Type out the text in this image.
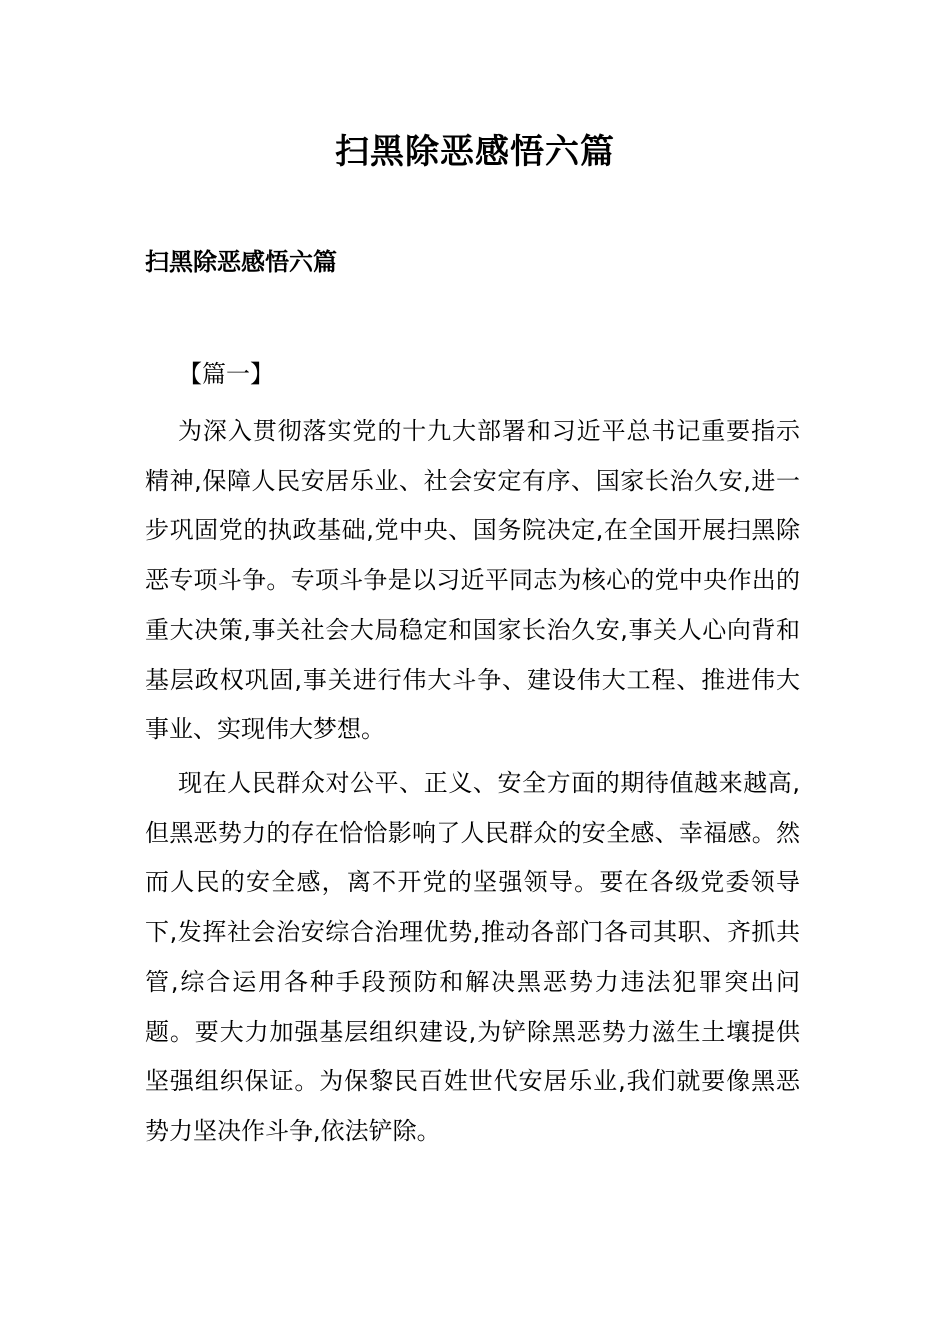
扫黑除恶感悟六篇
扫黑除恶感悟六篇
【篇一】

为深入贯彻落实党的十九大部署和习近平总书记重要指示精神,保障人民安居乐业、社会安定有序、国家长治久安,进一步巩固党的执政基础,党中央、国务院决定,在全国开展扫黑除恶专项斗争。专项斗争是以习近平同志为核心的党中央作出的重大决策,事关社会大局稳定和国家长治久安,事关人心向背和基层政权巩固,事关进行伟大斗争、建设伟大工程、推进伟大事业、实现伟大梦想。

现在人民群众对公平、正义、安全方面的期待值越来越高,但黑恶势力的存在恰恰影响了人民群众的安全感、幸福感。然而人民的安全感，离不开党的坚强领导。要在各级党委领导下,发挥社会治安综合治理优势,推动各部门各司其职、齐抓共管,综合运用各种手段预防和解决黑恶势力违法犯罪突出问题。要大力加强基层组织建设,为铲除黑恶势力滋生土壤提供坚强组织保证。为保黎民百姓世代安居乐业,我们就要像黑恶势力坚决作斗争,依法铲除。
